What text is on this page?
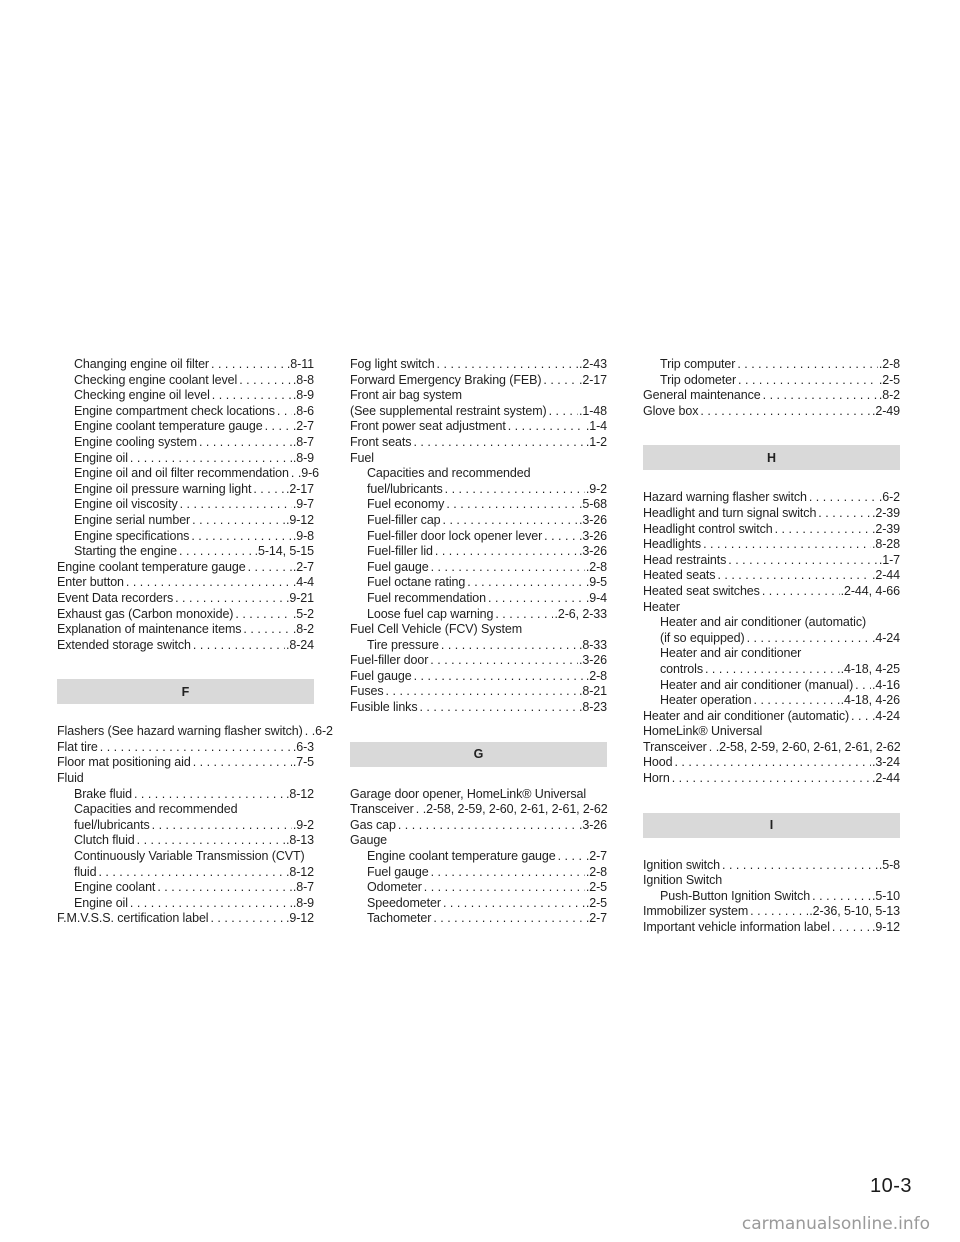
Changing engine oil filter . . .	.8-11
Checking engine coolant level . . .	.8-8
Checking engine oil level . . .	.8-9
Engine compartment check locations . . . .8-6
Engine coolant temperature gauge . . . .2-7
Engine cooling system . . .	.8-7
Engine oil . . .	.8-9
Engine oil and oil filter recommendation . . . .9-6
Engine oil pressure warning light . . .	.2-17
Engine oil viscosity . . .	.9-7
Engine serial number . . .	.9-12
Engine specifications . . .	.9-8
Starting the engine . . .	.5-14, 5-15
Engine coolant temperature gauge . . .	.2-7
Enter button . . .	.4-4
Event Data recorders . . .	.9-21
Exhaust gas (Carbon monoxide) . . .	.5-2
Explanation of maintenance items . . .	.8-2
Extended storage switch . . .	.8-24
F
Flashers (See hazard warning flasher switch) . . . .6-2
Flat tire . . .	.6-3
Floor mat positioning aid . . .	.7-5
Fluid
Brake fluid . . .	.8-12
Capacities and recommended
fuel/lubricants . . .	.9-2
Clutch fluid . . .	.8-13
Continuously Variable Transmission (CVT)
fluid . . .	.8-12
Engine coolant . . .	.8-7
Engine oil . . .	.8-9
F.M.V.S.S. certification label . . .	.9-12
Fog light switch . . .	.2-43
Forward Emergency Braking (FEB) . . .	.2-17
Front air bag system
(See supplemental restraint system) . . .	.1-48
Front power seat adjustment . . .	.1-4
Front seats . . .	.1-2
Fuel
Capacities and recommended
fuel/lubricants . . .	.9-2
Fuel economy . . .	.5-68
Fuel-filler cap . . .	.3-26
Fuel-filler door lock opener lever . . .	.3-26
Fuel-filler lid . . .	.3-26
Fuel gauge . . .	.2-8
Fuel octane rating . . .	.9-5
Fuel recommendation . . .	.9-4
Loose fuel cap warning . . .	.2-6, 2-33
Fuel Cell Vehicle (FCV) System
Tire pressure . . .	.8-33
Fuel-filler door . . .	.3-26
Fuel gauge . . .	.2-8
Fuses . . .	.8-21
Fusible links . . .	.8-23
G
Garage door opener, HomeLink® Universal
Transceiver . . . .2-58, 2-59, 2-60, 2-61, 2-61, 2-62
Gas cap . . .	.3-26
Gauge
Engine coolant temperature gauge . . . .2-7
Fuel gauge . . .	.2-8
Odometer . . .	.2-5
Speedometer . . .	.2-5
Tachometer . . .	.2-7
Trip computer . . .	.2-8
Trip odometer . . .	.2-5
General maintenance . . .	.8-2
Glove box . . .	.2-49
H
Hazard warning flasher switch . . .	.6-2
Headlight and turn signal switch . . .	.2-39
Headlight control switch . . .	.2-39
Headlights . . .	.8-28
Head restraints . . .	.1-7
Heated seats . . .	.2-44
Heated seat switches . . .	.2-44, 4-66
Heater
Heater and air conditioner (automatic)
(if so equipped) . . .	.4-24
Heater and air conditioner
controls . . .	.4-18, 4-25
Heater and air conditioner (manual) . . . .4-16
Heater operation . . .	.4-18, 4-26
Heater and air conditioner (automatic) . . . .4-24
HomeLink® Universal
Transceiver . . . .2-58, 2-59, 2-60, 2-61, 2-61, 2-62
Hood . . .	.3-24
Horn . . .	.2-44
I
Ignition switch . . .	.5-8
Ignition Switch
Push-Button Ignition Switch . . .	.5-10
Immobilizer system . . .	.2-36, 5-10, 5-13
Important vehicle information label . . .	.9-12
10-3
carmanualsonline.info
